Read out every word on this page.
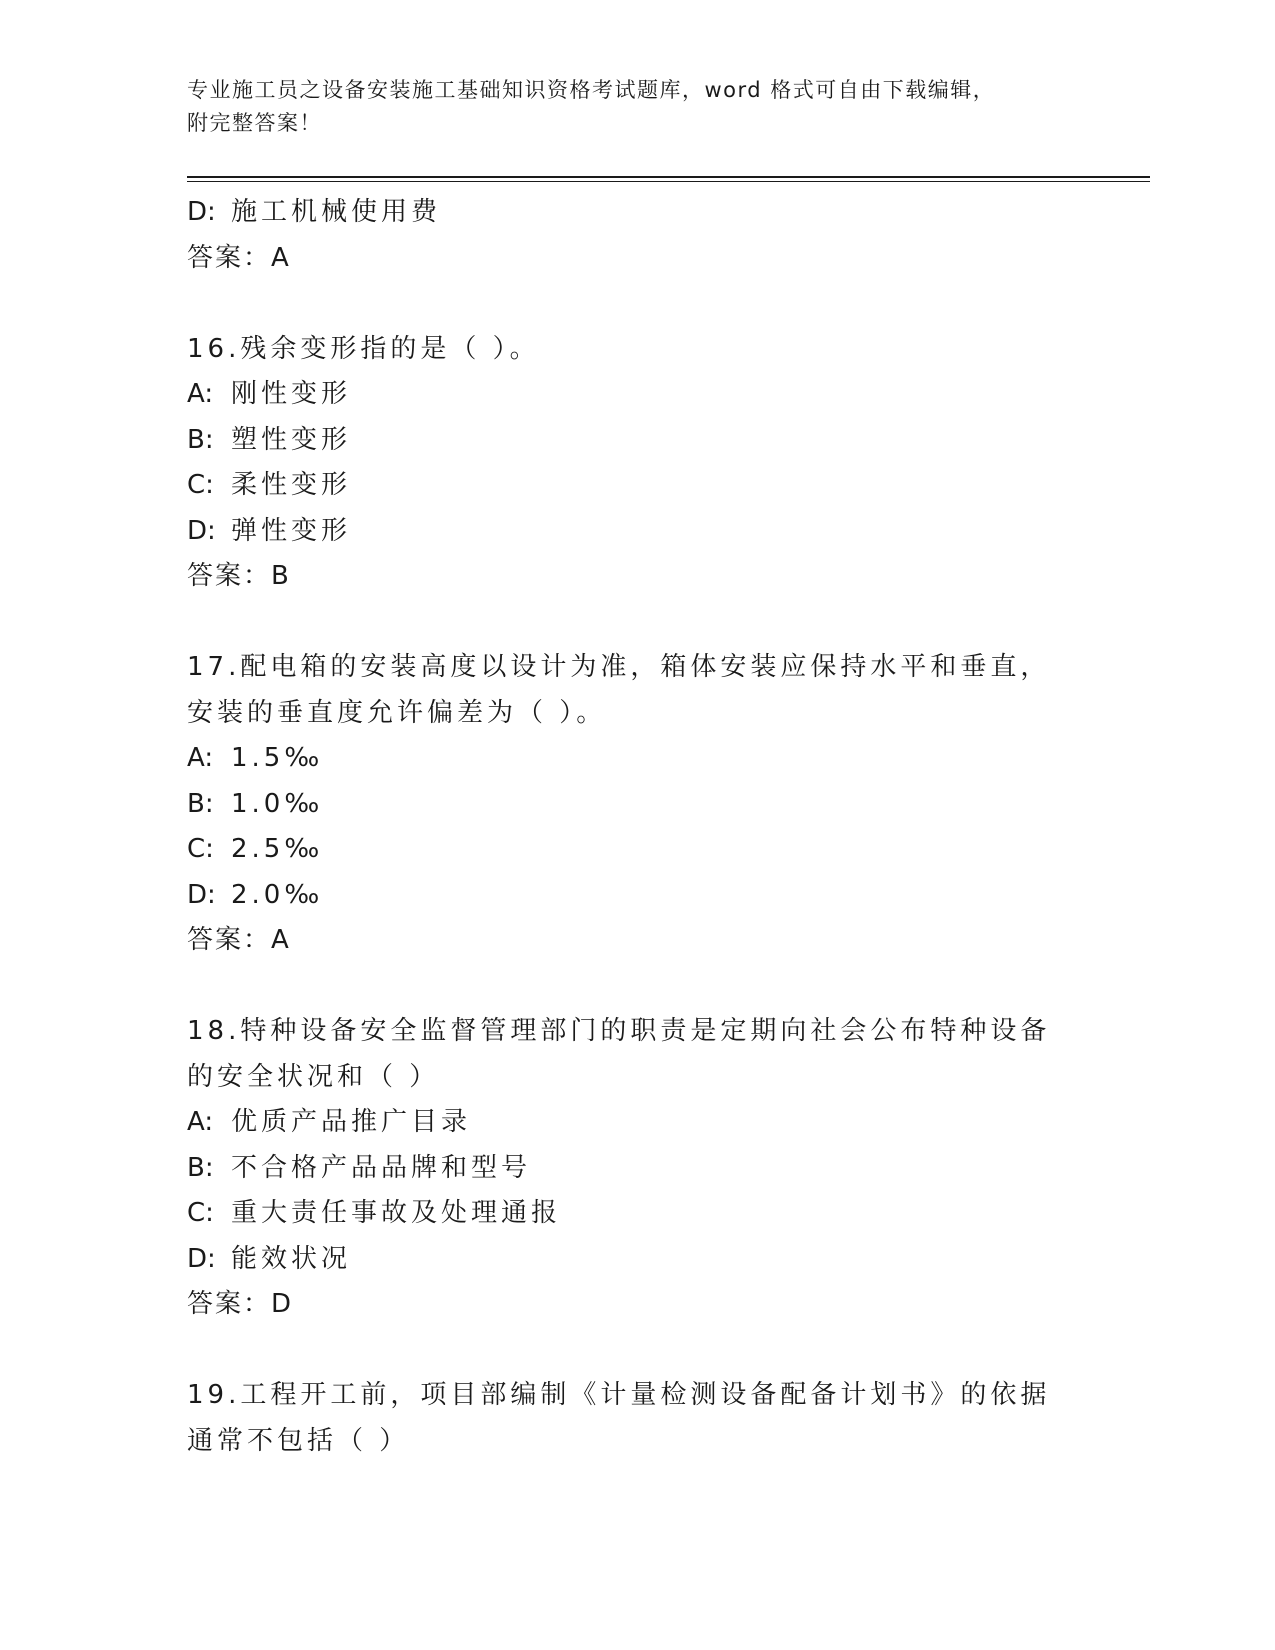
专业施工员之设备安装施工基础知识资格考试题库，word 格式可自由下载编辑，
附完整答案！
D: 施工机械使用费
答案：A
16.残余变形指的是（ ）。
A: 刚性变形
B: 塑性变形
C: 柔性变形
D: 弹性变形
答案：B
17.配电箱的安装高度以设计为准，箱体安装应保持水平和垂直，安装的垂直度允许偏差为（ ）。
A: 1.5‰
B: 1.0‰
C: 2.5‰
D: 2.0‰
答案：A
18.特种设备安全监督管理部门的职责是定期向社会公布特种设备的安全状况和（ ）
A: 优质产品推广目录
B: 不合格产品品牌和型号
C: 重大责任事故及处理通报
D: 能效状况
答案：D
19.工程开工前，项目部编制《计量检测设备配备计划书》的依据通常不包括（ ）
